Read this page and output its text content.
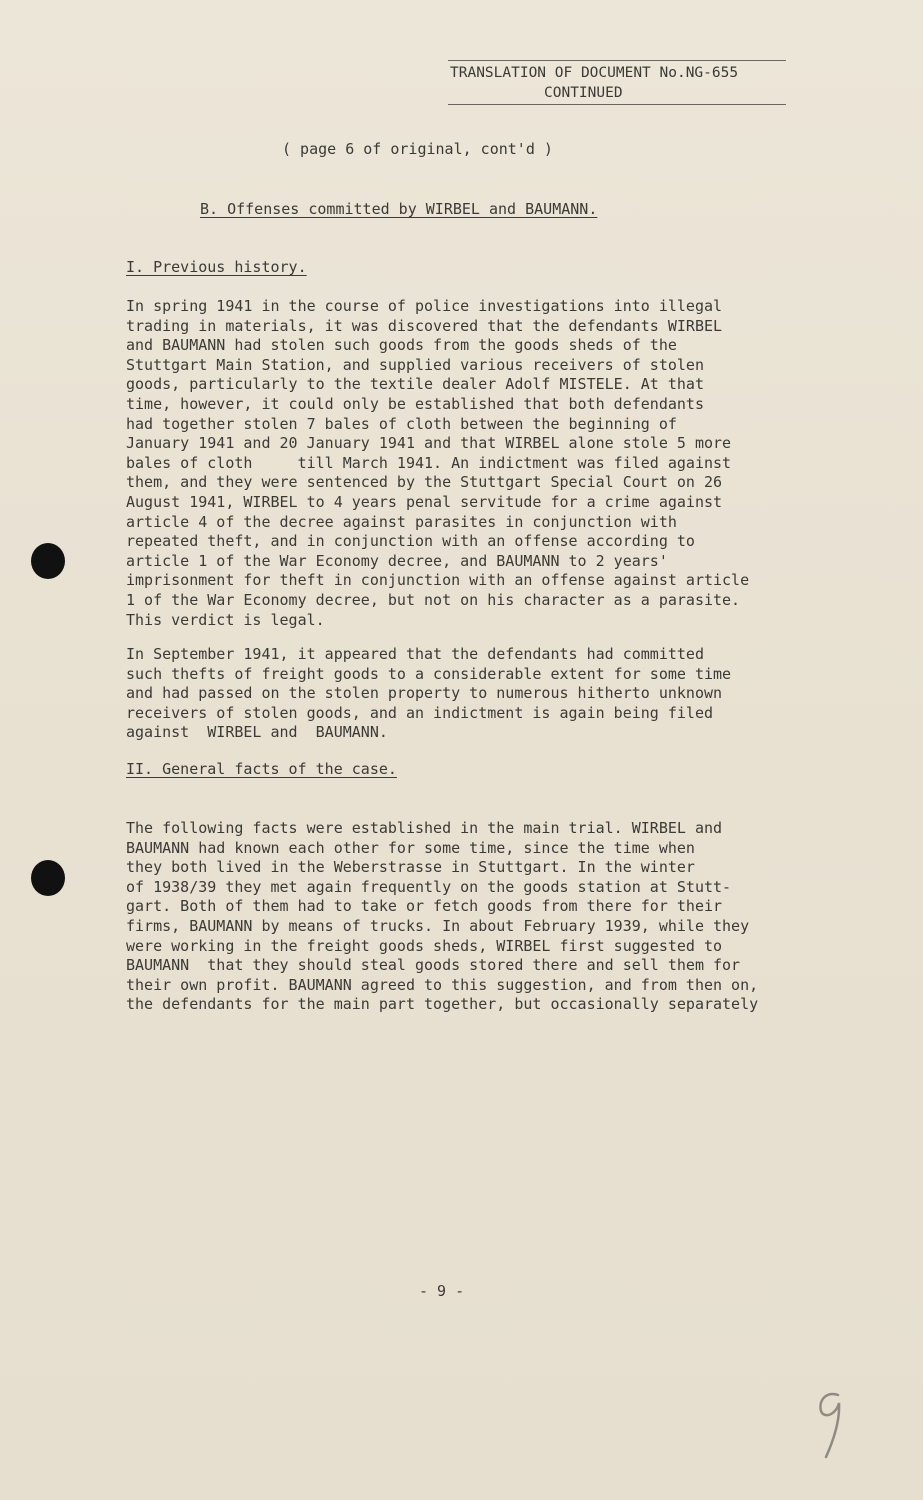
TRANSLATION OF DOCUMENT No.NG-655
CONTINUED
( page 6 of original, cont'd )
B. Offenses committed by WIRBEL and BAUMANN.
I. Previous history.
In spring 1941 in the course of police investigations into illegal
trading in materials, it was discovered that the defendants WIRBEL
and BAUMANN had stolen such goods from the goods sheds of the
Stuttgart Main Station, and supplied various receivers of stolen
goods, particularly to the textile dealer Adolf MISTELE. At that
time, however, it could only be established that both defendants
had together stolen 7 bales of cloth between the beginning of
January 1941 and 20 January 1941 and that WIRBEL alone stole 5 more
bales of cloth     till March 1941. An indictment was filed against
them, and they were sentenced by the Stuttgart Special Court on 26
August 1941, WIRBEL to 4 years penal servitude for a crime against
article 4 of the decree against parasites in conjunction with
repeated theft, and in conjunction with an offense according to
article 1 of the War Economy decree, and BAUMANN to 2 years'
imprisonment for theft in conjunction with an offense against article
1 of the War Economy decree, but not on his character as a parasite.
This verdict is legal.
In September 1941, it appeared that the defendants had committed
such thefts of freight goods to a considerable extent for some time
and had passed on the stolen property to numerous hitherto unknown
receivers of stolen goods, and an indictment is again being filed
against  WIRBEL and  BAUMANN.
II. General facts of the case.
The following facts were established in the main trial. WIRBEL and
BAUMANN had known each other for some time, since the time when
they both lived in the Weberstrasse in Stuttgart. In the winter
of 1938/39 they met again frequently on the goods station at Stutt-
gart. Both of them had to take or fetch goods from there for their
firms, BAUMANN by means of trucks. In about February 1939, while they
were working in the freight goods sheds, WIRBEL first suggested to
BAUMANN  that they should steal goods stored there and sell them for
their own profit. BAUMANN agreed to this suggestion, and from then on,
the defendants for the main part together, but occasionally separately
- 9 -
